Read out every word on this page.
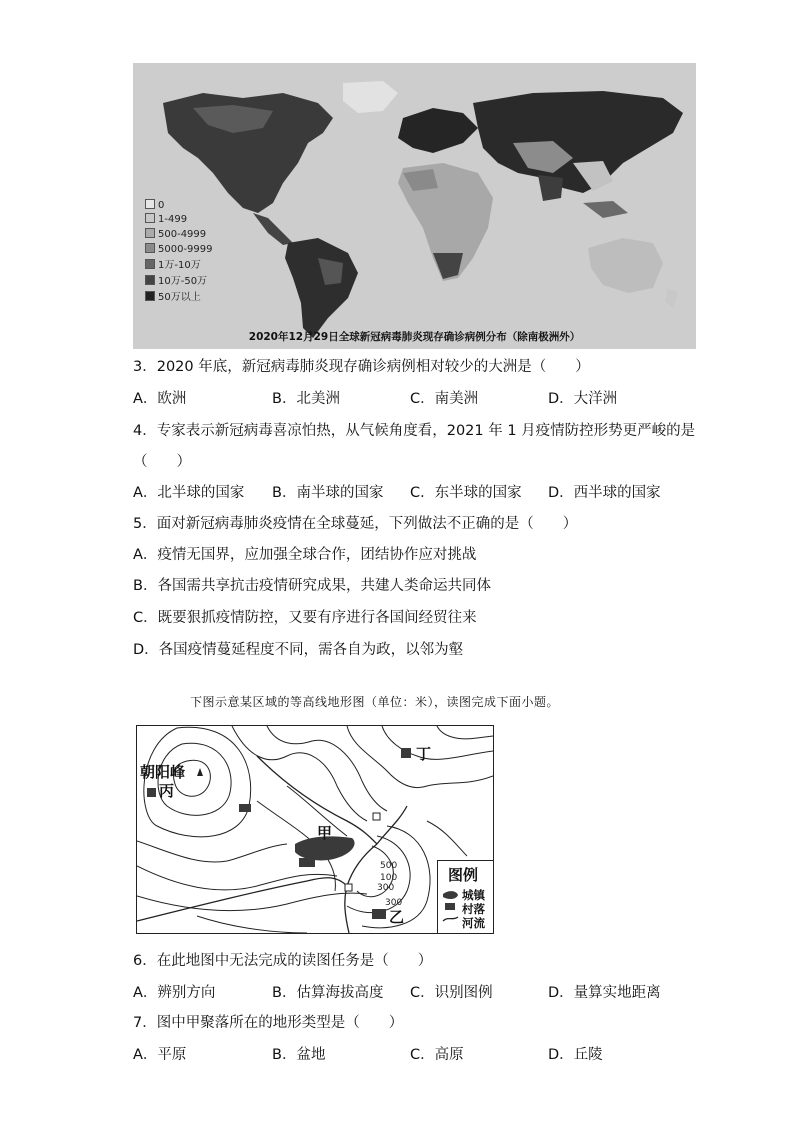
0
1-499
500-4999
5000-9999
1万-10万
10万-50万
50万以上
2020年12月29日全球新冠病毒肺炎现存确诊病例分布（除南极洲外）
3．2020 年底，新冠病毒肺炎现存确诊病例相对较少的大洲是（　　）
A．欧洲	B．北美洲	C．南美洲	D．大洋洲
4．专家表示新冠病毒喜凉怕热，从气候角度看，2021 年 1 月疫情防控形势更严峻的是
（　　）
A．北半球的国家 B．南半球的国家 C．东半球的国家 D．西半球的国家
5．面对新冠病毒肺炎疫情在全球蔓延，下列做法不正确的是（　　）
A．疫情无国界，应加强全球合作，团结协作应对挑战
B．各国需共享抗击疫情研究成果，共建人类命运共同体
C．既要狠抓疫情防控，又要有序进行各国间经贸往来
D．各国疫情蔓延程度不同，需各自为政，以邻为壑
下图示意某区域的等高线地形图（单位：米），读图完成下面小题。
朝阳峰
丙
丁
甲
乙
500
100
300
300
图例
城镇
村落
河流
6．在此地图中无法完成的读图任务是（　　）
A．辨别方向	B．估算海拔高度 C．识别图例	D．量算实地距离
7．图中甲聚落所在的地形类型是（　　）
A．平原	B．盆地	C．高原	D．丘陵
